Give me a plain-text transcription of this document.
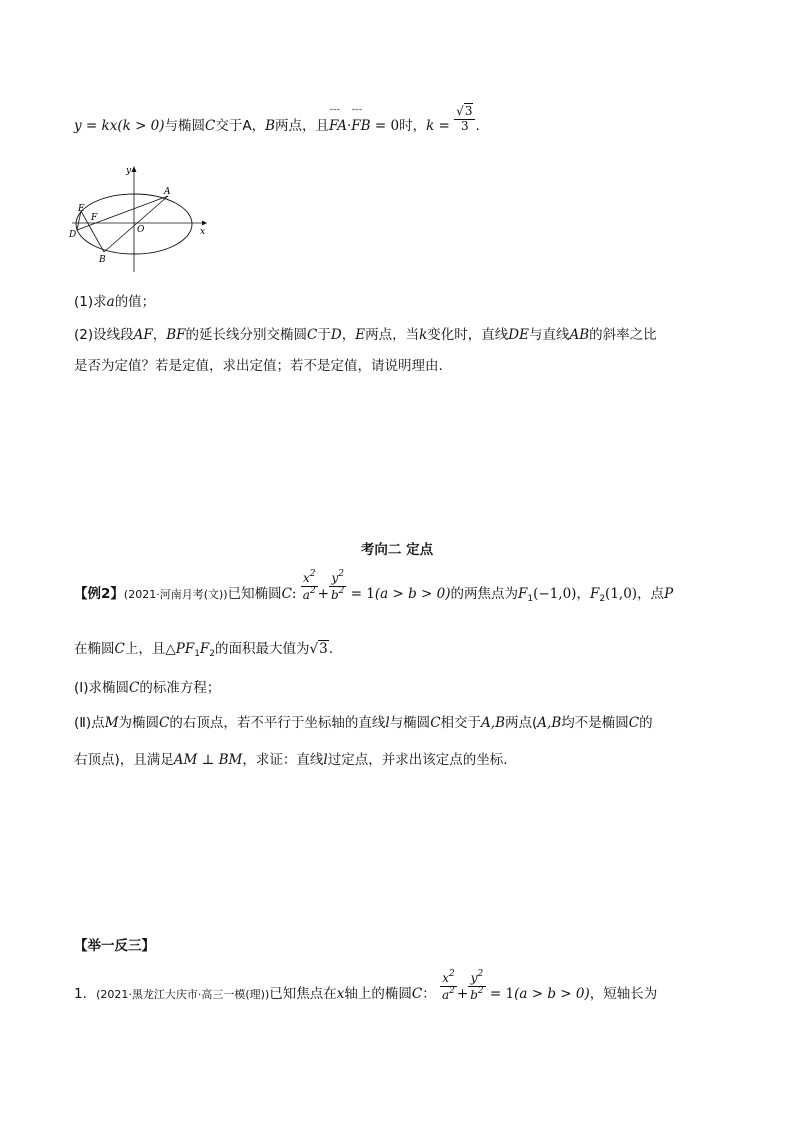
y = kx(k > 0)与椭圆C交于A，B两点，且˘˘˘ FA·˘˘˘ FB = 0时，$k = \frac{√3}{3}$ .
y
A
E
F
O	x
D
B
(1)求a的值；
(2)设线段AF，BF的延长线分别交椭圆C于D，E两点，当k变化时，直线DE与直线AB的斜率之比
是否为定值？若是定值，求出定值；若不是定值，请说明理由.
考向二 定点
【例2】(2021·河南月考(文))已知椭圆C: $\frac{x^2}{a^2} + \frac{y^2}{b^2} = 1(a > b > 0)$的两焦点为$F_1(-1,0)$，$F_2(1,0)$，点P
在椭圆C上，且$\triangle PF_1F_2$的面积最大值为√3.
(Ⅰ)求椭圆C的标准方程；
(Ⅱ)点M为椭圆C的右顶点，若不平行于坐标轴的直线l与椭圆C相交于A,B两点(A,B均不是椭圆C的
右顶点)，且满足AM ⊥ BM，求证：直线l过定点，并求出该定点的坐标.
【举一反三】
1．(2021·黑龙江大庆市·高三一模(理))已知焦点在x轴上的椭圆C： $\frac{x^2}{a^2} + \frac{y^2}{b^2} = 1(a > b > 0)$，短轴长为
